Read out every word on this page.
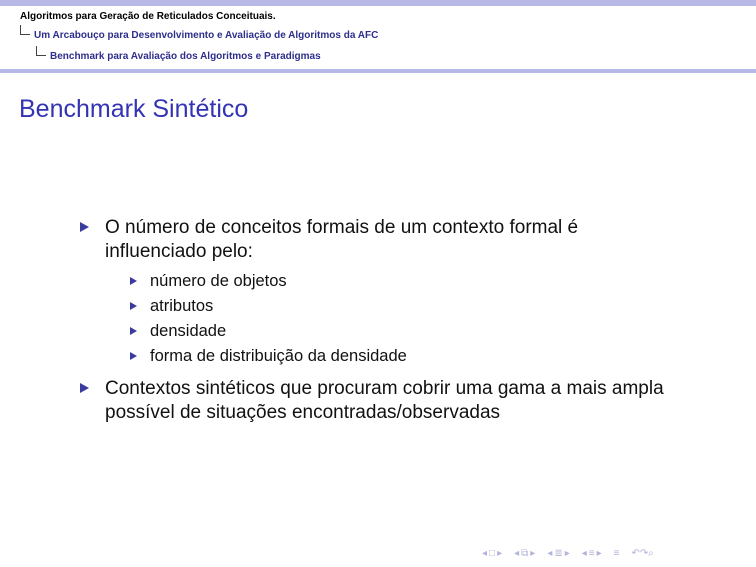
Algoritmos para Geração de Reticulados Conceituais.
Um Arcabouço para Desenvolvimento e Avaliação de Algoritmos da AFC
Benchmark para Avaliação dos Algoritmos e Paradigmas
Benchmark Sintético
O número de conceitos formais de um contexto formal é influenciado pelo:
número de objetos
atributos
densidade
forma de distribuição da densidade
Contextos sintéticos que procuram cobrir uma gama a mais ampla possível de situações encontradas/observadas
◂ □ ▸ ◂ ⧉ ▸ ◂ ≣ ▸ ◂ ≡ ▸ ≡ ↶↷⌕
